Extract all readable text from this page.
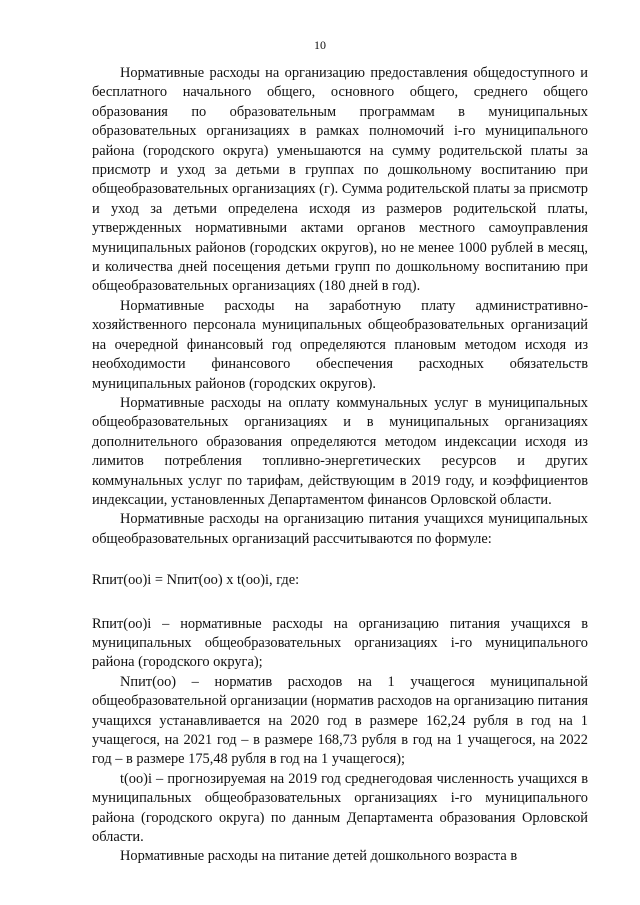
10

Нормативные расходы на организацию предоставления общедоступного и бесплатного начального общего, основного общего, среднего общего образования по образовательным программам в муниципальных образовательных организациях в рамках полномочий i-го муниципального района (городского округа) уменьшаются на сумму родительской платы за присмотр и уход за детьми в группах по дошкольному воспитанию при общеобразовательных организациях (г). Сумма родительской платы за присмотр и уход за детьми определена исходя из размеров родительской платы, утвержденных нормативными актами органов местного самоуправления муниципальных районов (городских округов), но не менее 1000 рублей в месяц, и количества дней посещения детьми групп по дошкольному воспитанию при общеобразовательных организациях (180 дней в год).

Нормативные расходы на заработную плату административно-хозяйственного персонала муниципальных общеобразовательных организаций на очередной финансовый год определяются плановым методом исходя из необходимости финансового обеспечения расходных обязательств муниципальных районов (городских округов).

Нормативные расходы на оплату коммунальных услуг в муниципальных общеобразовательных организациях и в муниципальных организациях дополнительного образования определяются методом индексации исходя из лимитов потребления топливно-энергетических ресурсов и других коммунальных услуг по тарифам, действующим в 2019 году, и коэффициентов индексации, установленных Департаментом финансов Орловской области.

Нормативные расходы на организацию питания учащихся муниципальных общеобразовательных организаций рассчитываются по формуле:

Rпит(оо)i = Nпит(оо) x t(оо)i, где:

Rпит(оо)i – нормативные расходы на организацию питания учащихся в муниципальных общеобразовательных организациях i-го муниципального района (городского округа);

Nпит(оо) – норматив расходов на 1 учащегося муниципальной общеобразовательной организации (норматив расходов на организацию питания учащихся устанавливается на 2020 год в размере 162,24 рубля в год на 1 учащегося, на 2021 год – в размере 168,73 рубля в год на 1 учащегося, на 2022 год – в размере 175,48 рубля в год на 1 учащегося);

t(оо)i – прогнозируемая на 2019 год среднегодовая численность учащихся в муниципальных общеобразовательных организациях i-го муниципального района (городского округа) по данным Департамента образования Орловской области.

Нормативные расходы на питание детей дошкольного возраста в
